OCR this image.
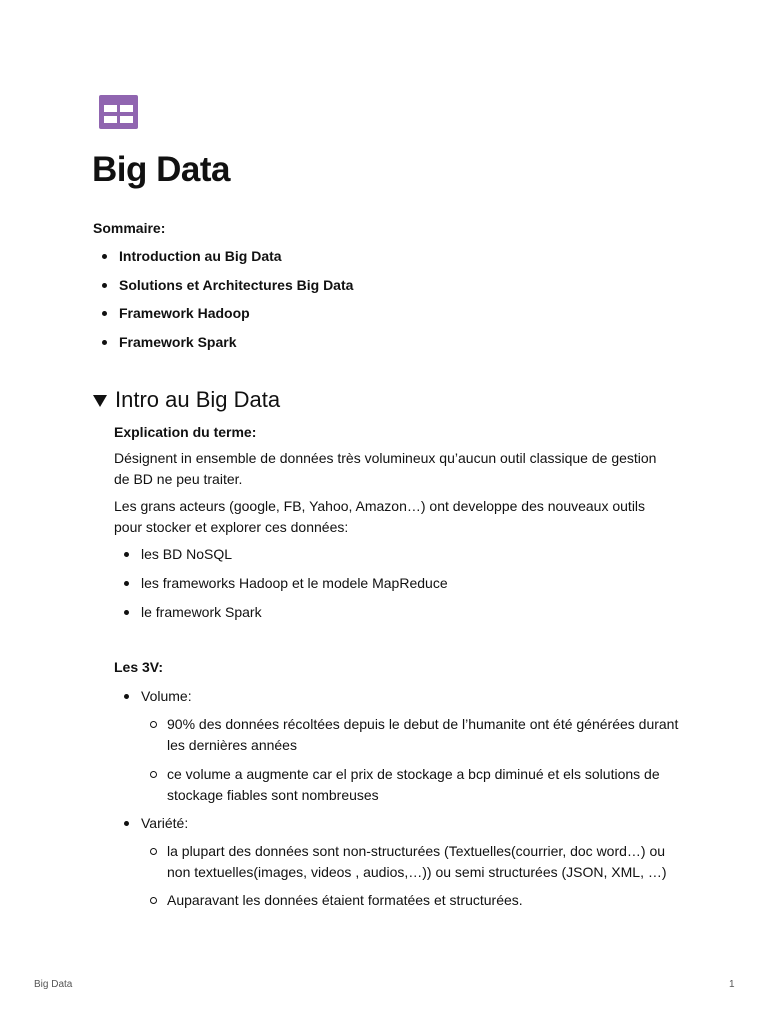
Big Data
Sommaire:
Introduction au Big Data
Solutions et Architectures Big Data
Framework Hadoop
Framework Spark
Intro au Big Data
Explication du terme:
Désignent in ensemble de données très volumineux qu’aucun outil classique de gestion de BD ne peu traiter.
Les grans acteurs (google, FB, Yahoo, Amazon…) ont developpe des nouveaux outils pour stocker et explorer ces données:
les BD NoSQL
les frameworks Hadoop et le modele MapReduce
le framework Spark
Les 3V:
Volume:
90% des données récoltées depuis le debut de l’humanite ont été générées durant les dernières années
ce volume a augmente car el prix de stockage a bcp diminué et els solutions de stockage fiables sont nombreuses
Variété:
la plupart des données sont non-structurées (Textuelles(courrier, doc word…) ou non textuelles(images, videos , audios,…)) ou semi structurées (JSON, XML, …)
Auparavant les données étaient formatées et structurées.
Big Data	1
